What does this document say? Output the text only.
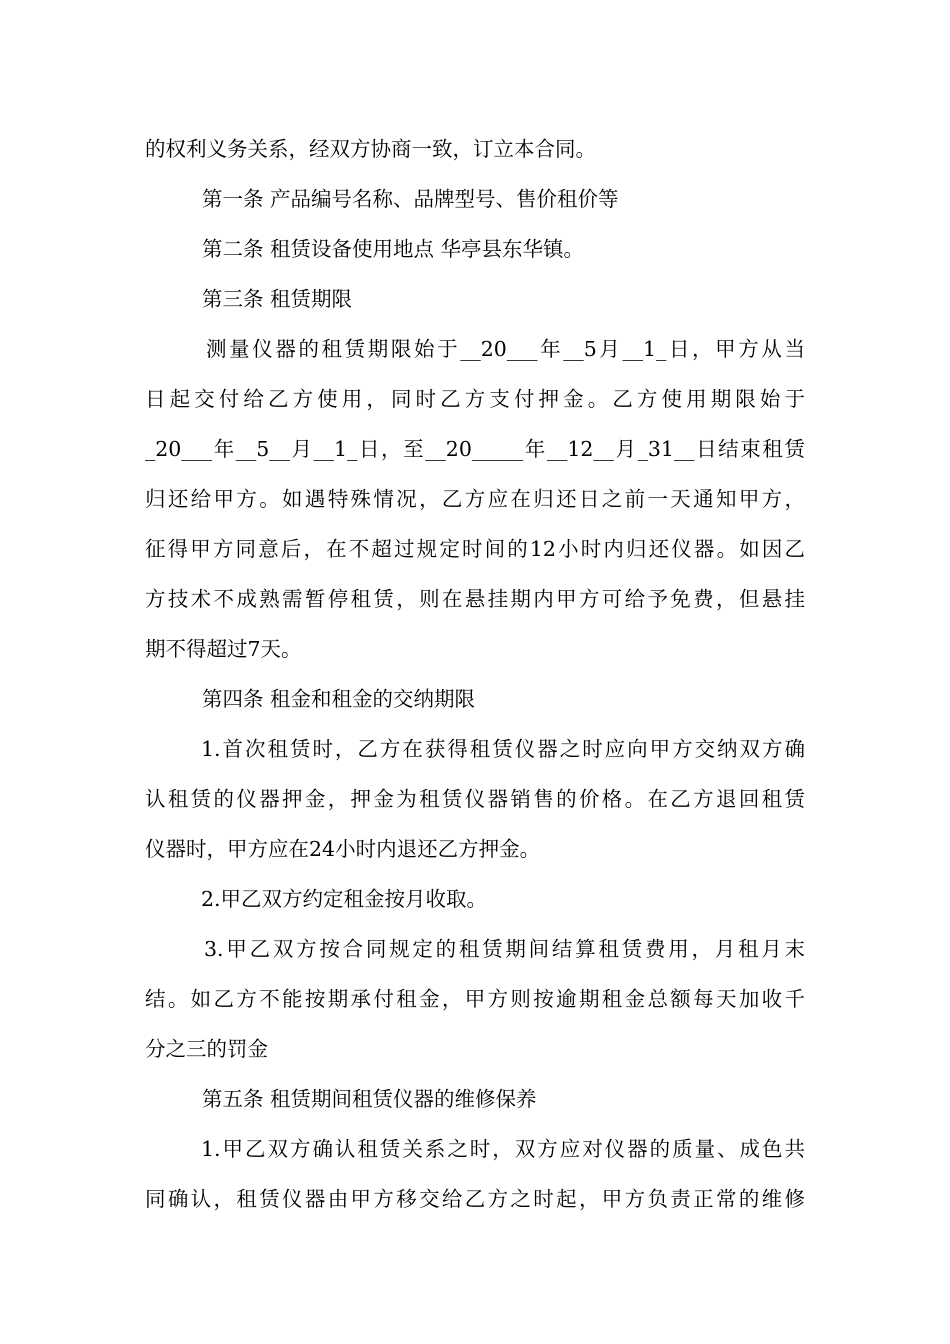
的权利义务关系，经双方协商一致，订立本合同。
第一条 产品编号名称、品牌型号、售价租价等
第二条 租赁设备使用地点 华亭县东华镇。
第三条 租赁期限
测量仪器的租赁期限始于__20___年__5月__1_日，甲方从当
日起交付给乙方使用，同时乙方支付押金。乙方使用期限始于
_20___年__5__月__1_日，至__20_____年__12__月_31__日结束租赁
归还给甲方。如遇特殊情况，乙方应在归还日之前一天通知甲方，
征得甲方同意后，在不超过规定时间的12小时内归还仪器。如因乙
方技术不成熟需暂停租赁，则在悬挂期内甲方可给予免费，但悬挂
期不得超过7天。
第四条 租金和租金的交纳期限
1.首次租赁时，乙方在获得租赁仪器之时应向甲方交纳双方确
认租赁的仪器押金，押金为租赁仪器销售的价格。在乙方退回租赁
仪器时，甲方应在24小时内退还乙方押金。
2.甲乙双方约定租金按月收取。
3.甲乙双方按合同规定的租赁期间结算租赁费用，月租月末
结。如乙方不能按期承付租金，甲方则按逾期租金总额每天加收千
分之三的罚金
第五条 租赁期间租赁仪器的维修保养
1.甲乙双方确认租赁关系之时，双方应对仪器的质量、成色共
同确认，租赁仪器由甲方移交给乙方之时起，甲方负责正常的维修
